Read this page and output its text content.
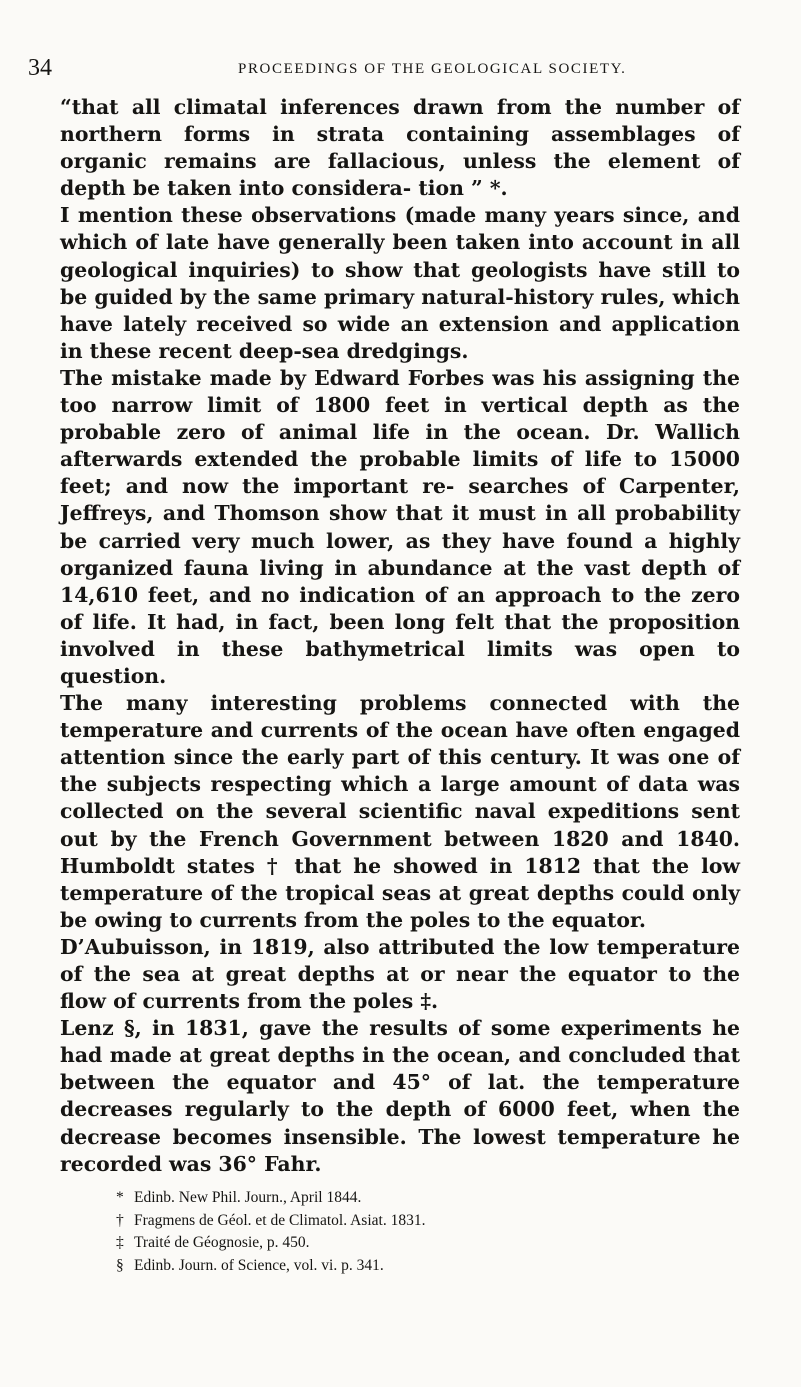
34	PROCEEDINGS OF THE GEOLOGICAL SOCIETY.

“that all climatal inferences drawn from the number of northern forms in strata containing assemblages of organic remains are fallacious, unless the element of depth be taken into considera- tion ” *.

I mention these observations (made many years since, and which of late have generally been taken into account in all geological inquiries) to show that geologists have still to be guided by the same primary natural-history rules, which have lately received so wide an extension and application in these recent deep-sea dredgings.

The mistake made by Edward Forbes was his assigning the too narrow limit of 1800 feet in vertical depth as the probable zero of animal life in the ocean. Dr. Wallich afterwards extended the probable limits of life to 15000 feet; and now the important re- searches of Carpenter, Jeffreys, and Thomson show that it must in all probability be carried very much lower, as they have found a highly organized fauna living in abundance at the vast depth of 14,610 feet, and no indication of an approach to the zero of life. It had, in fact, been long felt that the proposition involved in these bathymetrical limits was open to question.

The many interesting problems connected with the temperature and currents of the ocean have often engaged attention since the early part of this century. It was one of the subjects respecting which a large amount of data was collected on the several scientific naval expeditions sent out by the French Government between 1820 and 1840. Humboldt states † that he showed in 1812 that the low temperature of the tropical seas at great depths could only be owing to currents from the poles to the equator.

D’Aubuisson, in 1819, also attributed the low temperature of the sea at great depths at or near the equator to the flow of currents from the poles ‡.

Lenz §, in 1831, gave the results of some experiments he had made at great depths in the ocean, and concluded that between the equator and 45° of lat. the temperature decreases regularly to the depth of 6000 feet, when the decrease becomes insensible. The lowest temperature he recorded was 36° Fahr.

* Edinb. New Phil. Journ., April 1844.
† Fragmens de Géol. et de Climatol. Asiat. 1831.
‡ Traité de Géognosie, p. 450.
§ Edinb. Journ. of Science, vol. vi. p. 341.
